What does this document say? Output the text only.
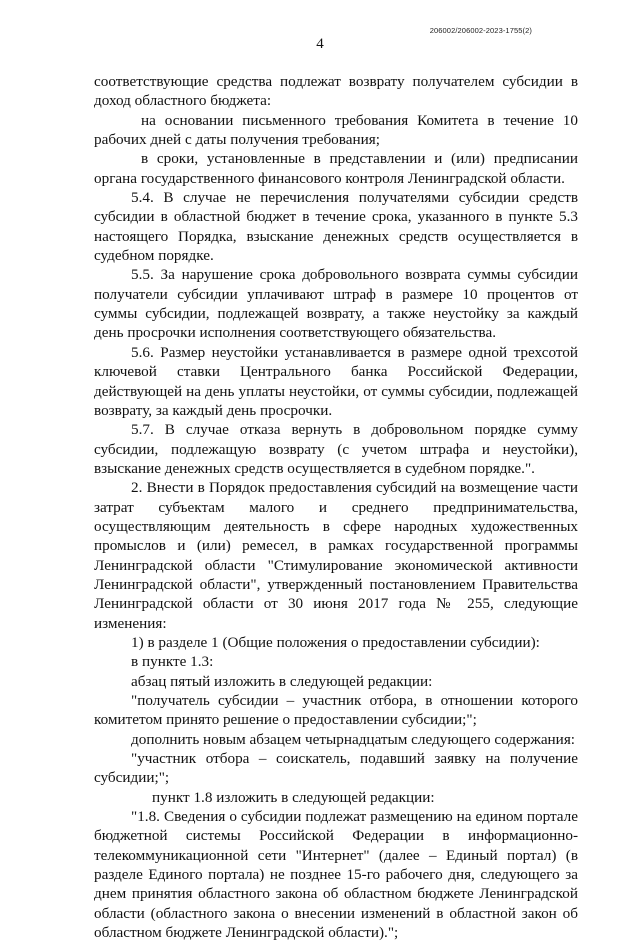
206002/206002-2023-1755(2)
4

соответствующие средства подлежат возврату получателем субсидии в доход областного бюджета:

на основании письменного требования Комитета в течение 10 рабочих дней с даты получения требования;

в сроки, установленные в представлении и (или) предписании органа государственного финансового контроля Ленинградской области.

5.4. В случае не перечисления получателями субсидии средств субсидии в областной бюджет в течение срока, указанного в пункте 5.3 настоящего Порядка, взыскание денежных средств осуществляется в судебном порядке.

5.5. За нарушение срока добровольного возврата суммы субсидии получатели субсидии уплачивают штраф в размере 10 процентов от суммы субсидии, подлежащей возврату, а также неустойку за каждый день просрочки исполнения соответствующего обязательства.

5.6. Размер неустойки устанавливается в размере одной трехсотой ключевой ставки Центрального банка Российской Федерации, действующей на день уплаты неустойки, от суммы субсидии, подлежащей возврату, за каждый день просрочки.

5.7. В случае отказа вернуть в добровольном порядке сумму субсидии, подлежащую возврату (с учетом штрафа и неустойки), взыскание денежных средств осуществляется в судебном порядке.".

2. Внести в Порядок предоставления субсидий на возмещение части затрат субъектам малого и среднего предпринимательства, осуществляющим деятельность в сфере народных художественных промыслов и (или) ремесел, в рамках государственной программы Ленинградской области "Стимулирование экономической активности Ленинградской области", утвержденный постановлением Правительства Ленинградской области от 30 июня 2017 года № 255, следующие изменения:

1) в разделе 1 (Общие положения о предоставлении субсидии):

в пункте 1.3:

абзац пятый изложить в следующей редакции:

"получатель субсидии – участник отбора, в отношении которого комитетом принято решение о предоставлении субсидии;";

дополнить новым абзацем четырнадцатым следующего содержания:

"участник отбора – соискатель, подавший заявку на получение субсидии;";

пункт 1.8 изложить в следующей редакции:

"1.8. Сведения о субсидии подлежат размещению на едином портале бюджетной системы Российской Федерации в информационно-телекоммуникационной сети "Интернет" (далее – Единый портал) (в разделе Единого портала) не позднее 15-го рабочего дня, следующего за днем принятия областного закона об областном бюджете Ленинградской области (областного закона о внесении изменений в областной закон об областном бюджете Ленинградской области).";
